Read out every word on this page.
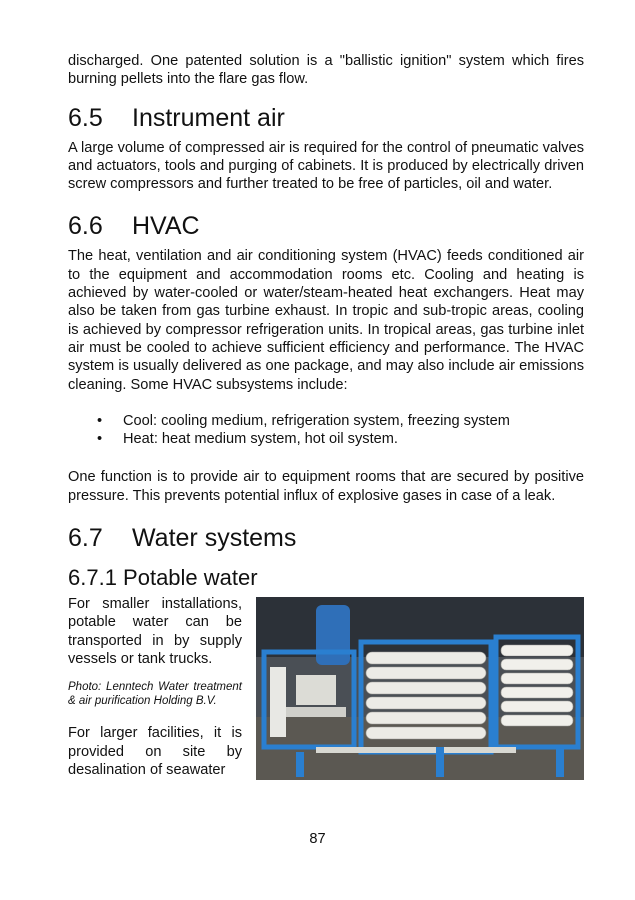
discharged. One patented solution is a "ballistic ignition" system which fires burning pellets into the flare gas flow.

6.5 Instrument air

A large volume of compressed air is required for the control of pneumatic valves and actuators, tools and purging of cabinets. It is produced by electrically driven screw compressors and further treated to be free of particles, oil and water.

6.6 HVAC

The heat, ventilation and air conditioning system (HVAC) feeds conditioned air to the equipment and accommodation rooms etc. Cooling and heating is achieved by water-cooled or water/steam-heated heat exchangers. Heat may also be taken from gas turbine exhaust. In tropic and sub-tropic areas, cooling is achieved by compressor refrigeration units. In tropical areas, gas turbine inlet air must be cooled to achieve sufficient efficiency and performance. The HVAC system is usually delivered as one package, and may also include air emissions cleaning. Some HVAC subsystems include:

• Cool: cooling medium, refrigeration system, freezing system
• Heat: heat medium system, hot oil system.

One function is to provide air to equipment rooms that are secured by positive pressure. This prevents potential influx of explosive gases in case of a leak.

6.7 Water systems
6.7.1 Potable water

For smaller installations, potable water can be transported in by supply vessels or tank trucks.

Photo: Lenntech Water treatment & air purification Holding B.V.

For larger facilities, it is provided on site by desalination of seawater

87
